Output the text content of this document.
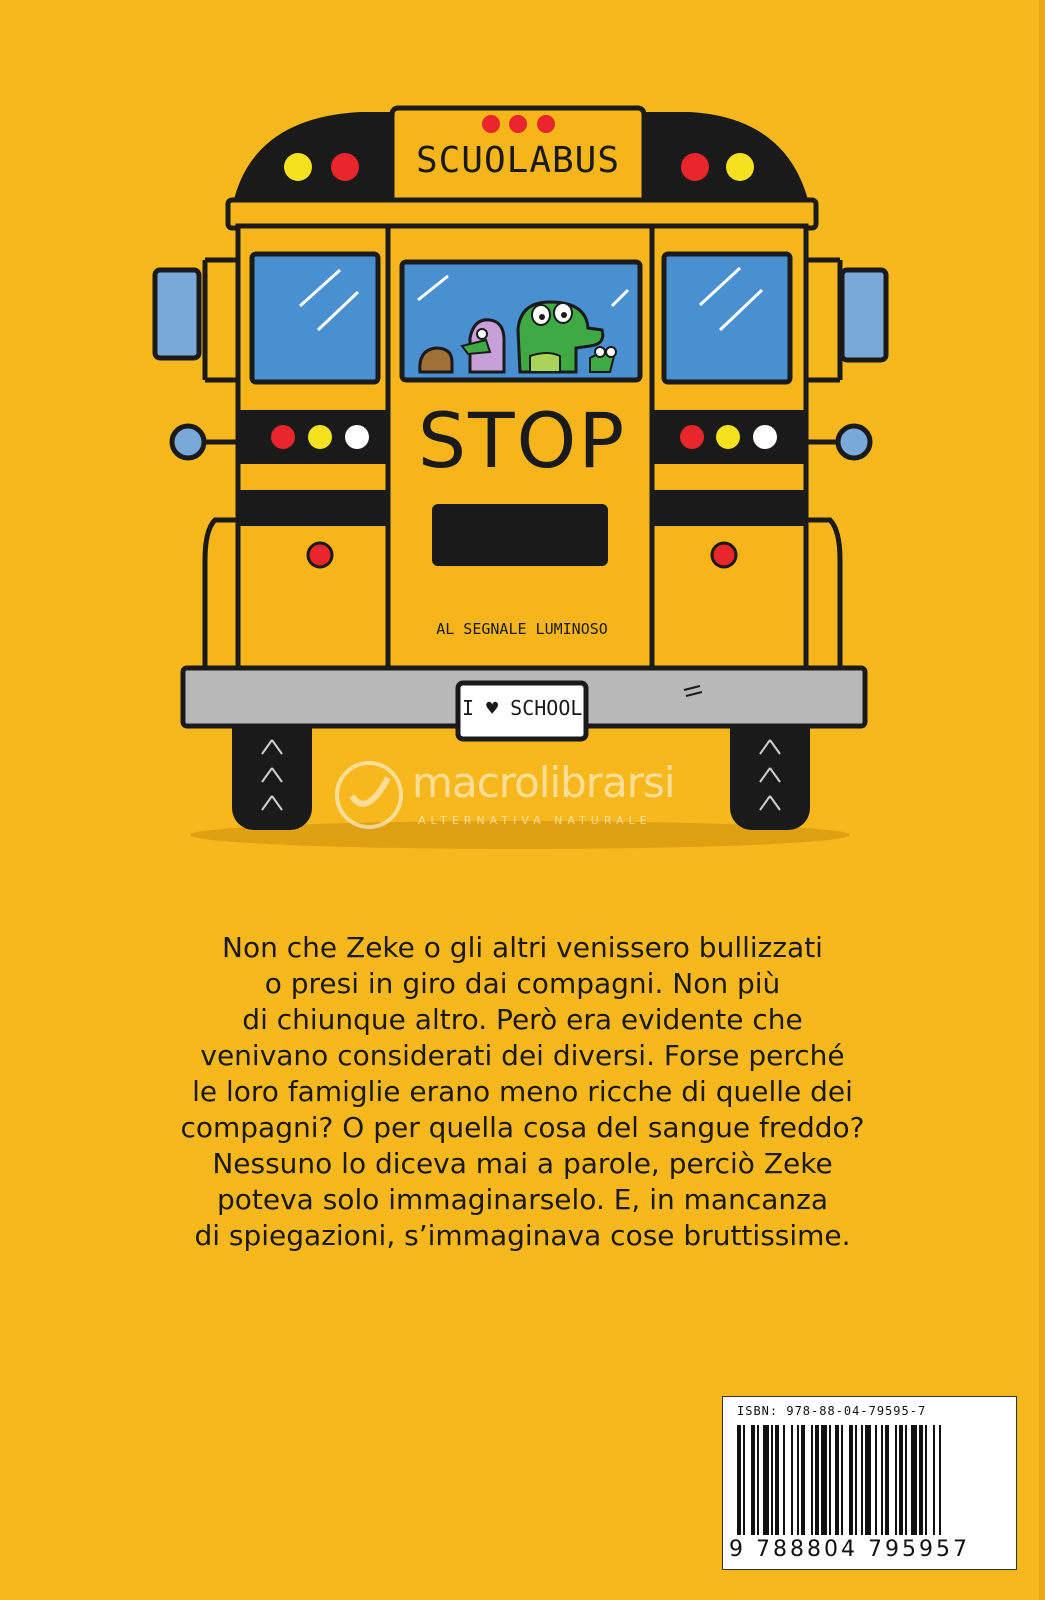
SCUOLABUS
STOP
AL SEGNALE LUMINOSO
I ♥ SCHOOL
macrolibrarsi
ALTERNATIVA NATURALE

Non che Zeke o gli altri venissero bullizzati

o presi in giro dai compagni. Non più

di chiunque altro. Però era evidente che

venivano considerati dei diversi. Forse perché

le loro famiglie erano meno ricche di quelle dei

compagni? O per quella cosa del sangue freddo?

Nessuno lo diceva mai a parole, perciò Zeke

poteva solo immaginarselo. E, in mancanza

di spiegazioni, s’immaginava cose bruttissime.

ISBN: 978-88-04-79595-7
9 788804 795957
